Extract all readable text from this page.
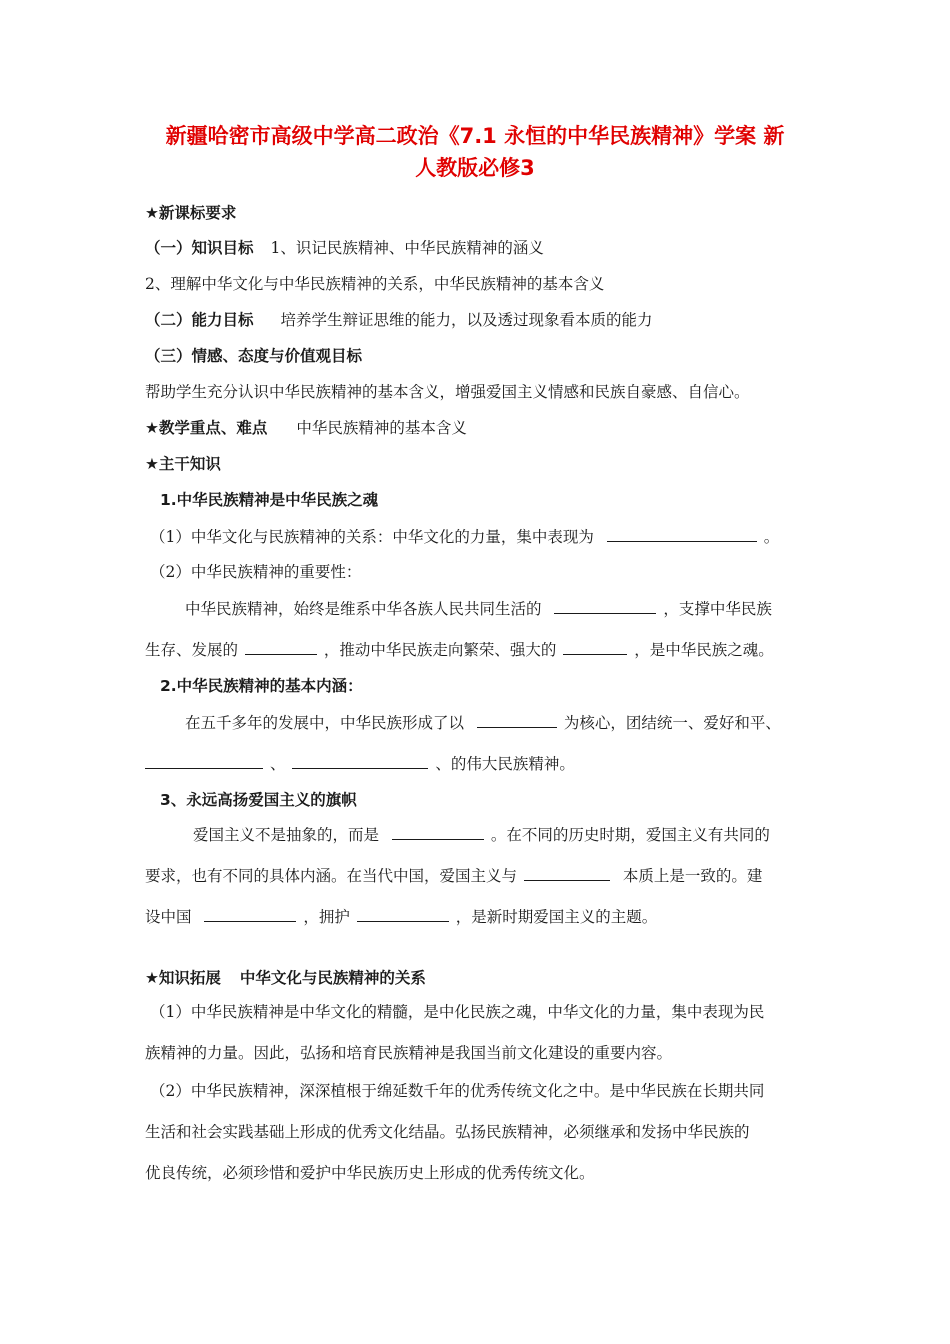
新疆哈密市高级中学高二政治《7.1 永恒的中华民族精神》学案 新
人教版必修3
★新课标要求
（一）知识目标 1、识记民族精神、中华民族精神的涵义
2、理解中华文化与中华民族精神的关系，中华民族精神的基本含义
（二）能力目标 培养学生辩证思维的能力，以及透过现象看本质的能力
（三）情感、态度与价值观目标
帮助学生充分认识中华民族精神的基本含义，增强爱国主义情感和民族自豪感、自信心。
★教学重点、难点 中华民族精神的基本含义
★主干知识
1.中华民族精神是中华民族之魂
（1）中华文化与民族精神的关系：中华文化的力量，集中表现为	。
（2）中华民族精神的重要性：
中华民族精神，始终是维系中华各族人民共同生活的	，支撑中华民族
生存、发展的	，推动中华民族走向繁荣、强大的	，是中华民族之魂。
2.中华民族精神的基本内涵：
在五千多年的发展中，中华民族形成了以	为核心，团结统一、爱好和平、
、	、的伟大民族精神。
3、永远高扬爱国主义的旗帜
爱国主义不是抽象的，而是	。在不同的历史时期，爱国主义有共同的
要求，也有不同的具体内涵。在当代中国，爱国主义与	本质上是一致的。建
设中国	，拥护	，是新时期爱国主义的主题。
★知识拓展 中华文化与民族精神的关系
（1）中华民族精神是中华文化的精髓，是中化民族之魂，中华文化的力量，集中表现为民
族精神的力量。因此，弘扬和培育民族精神是我国当前文化建设的重要内容。
（2）中华民族精神，深深植根于绵延数千年的优秀传统文化之中。是中华民族在长期共同
生活和社会实践基础上形成的优秀文化结晶。弘扬民族精神，必须继承和发扬中华民族的
优良传统，必须珍惜和爱护中华民族历史上形成的优秀传统文化。
